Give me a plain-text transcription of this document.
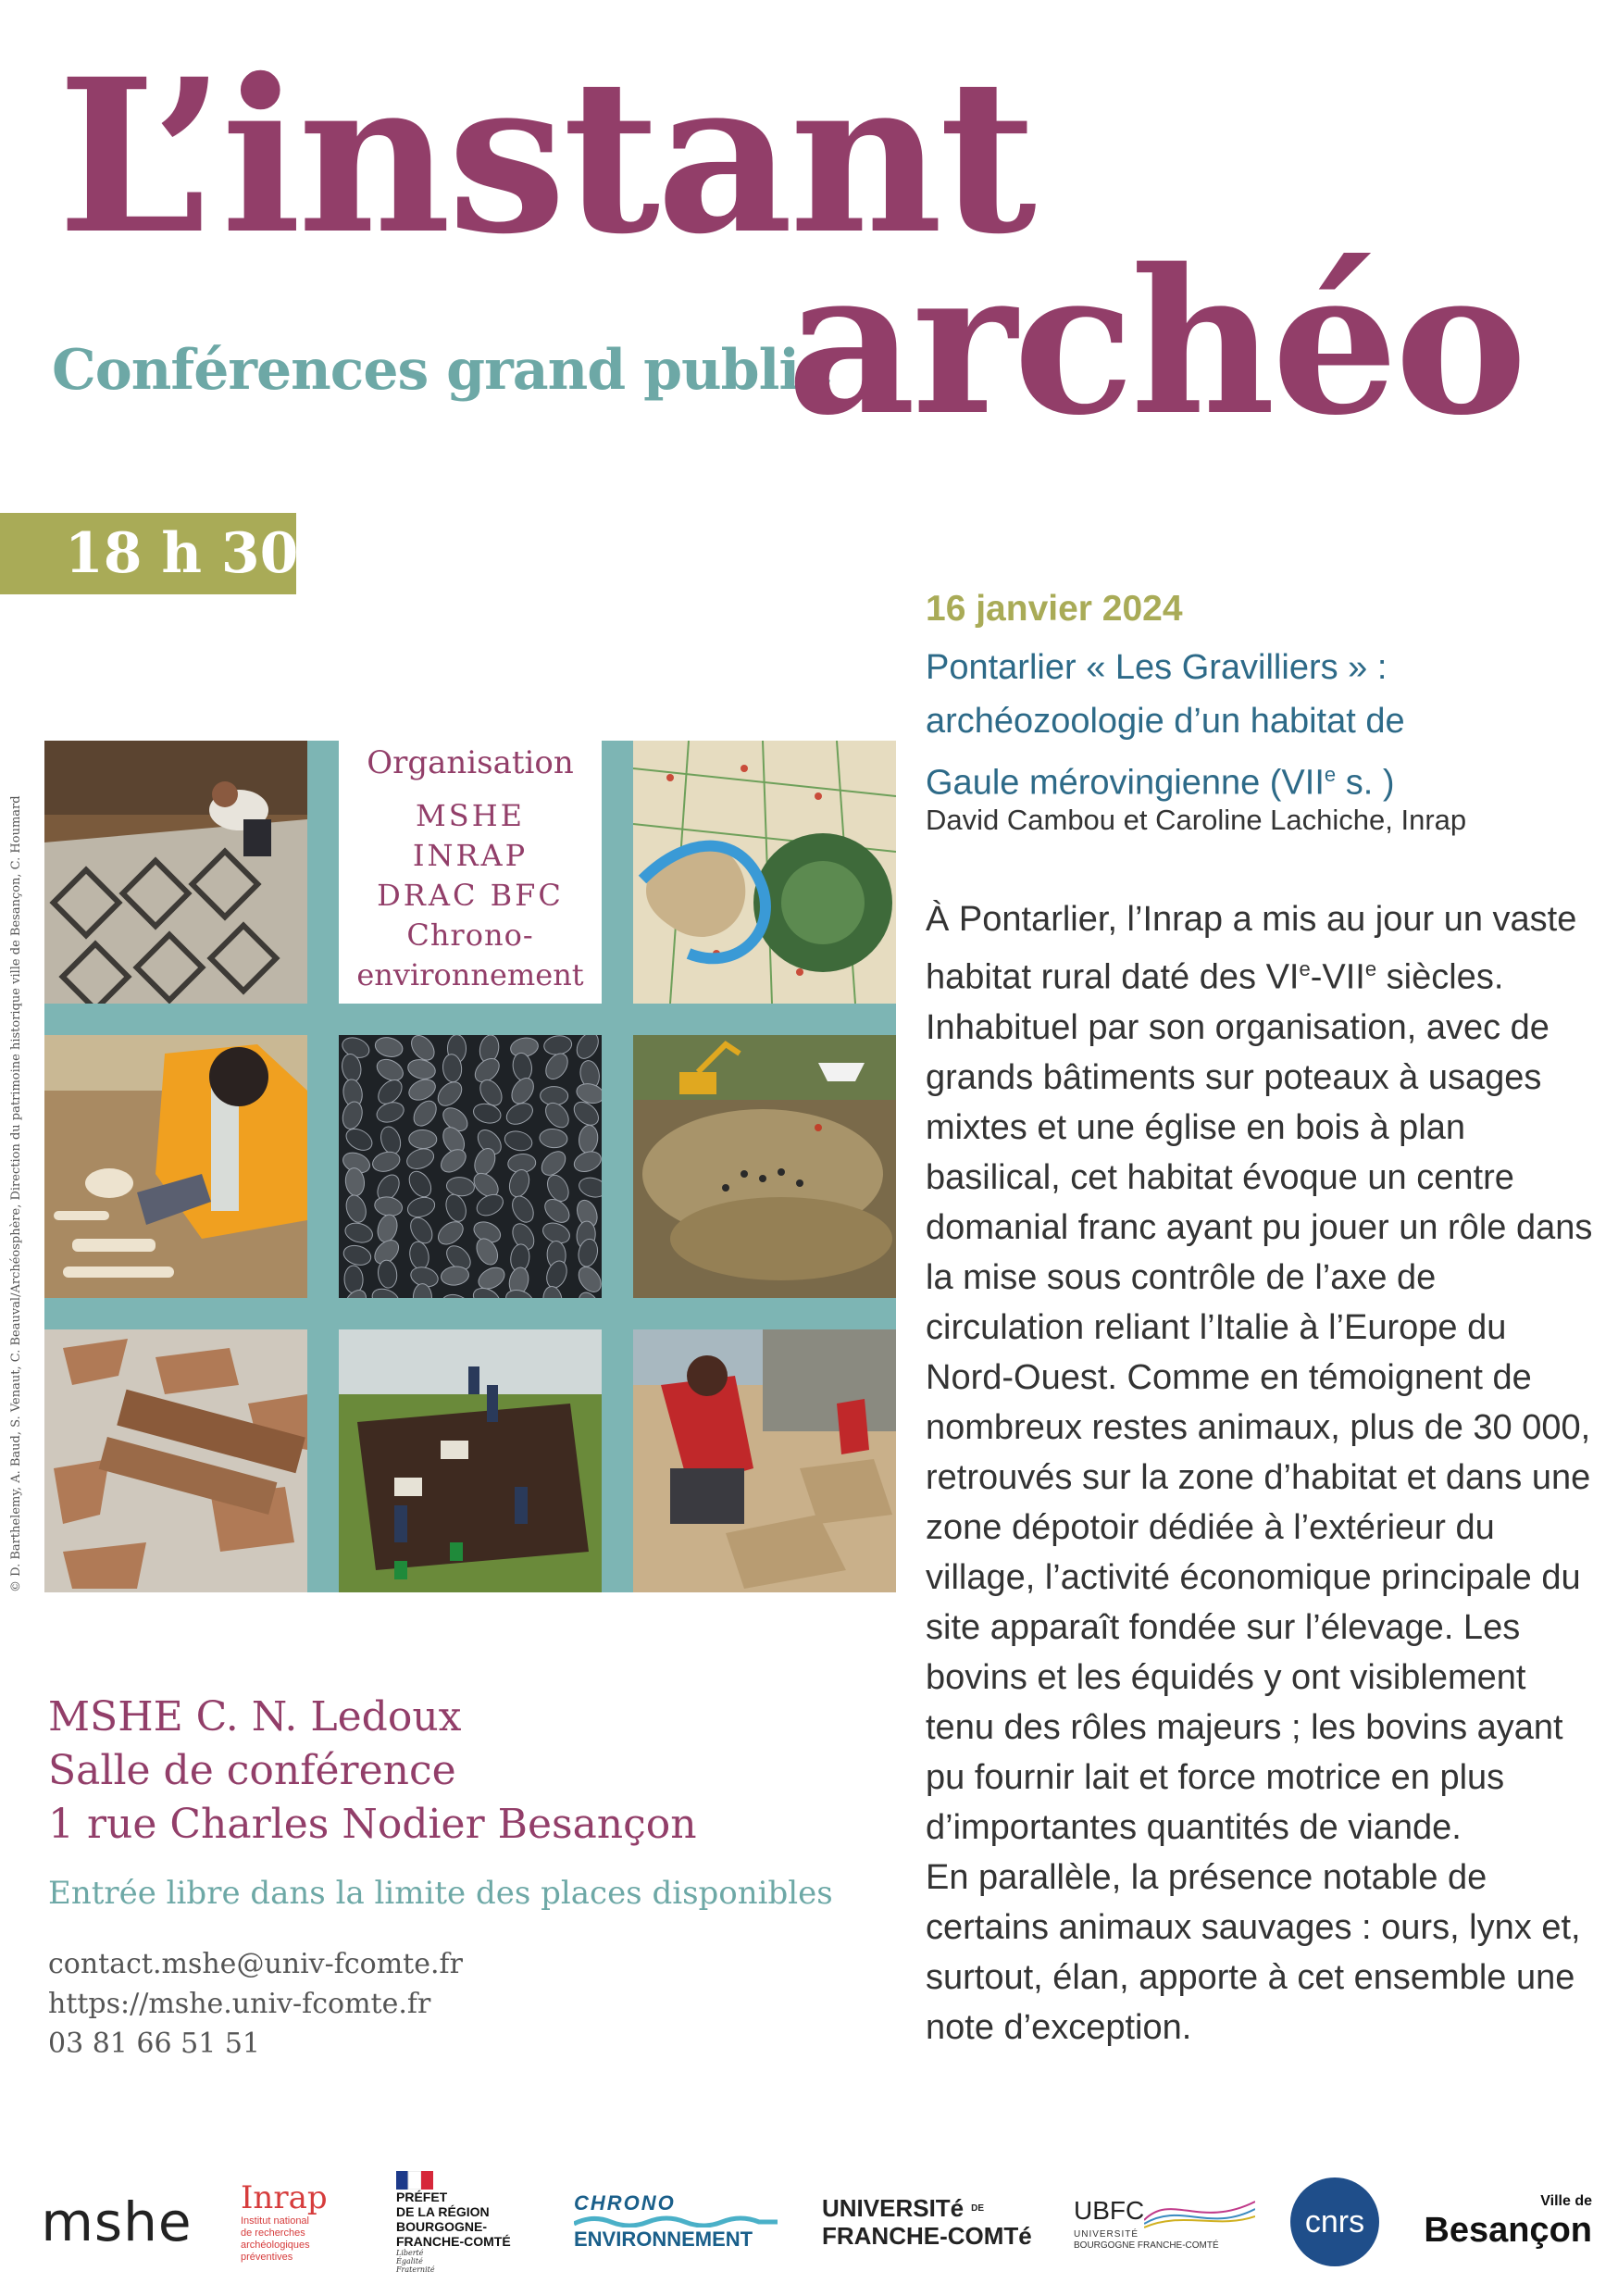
L’instant
Conférences grand public
archéo
18 h 30
© D. Barthelemy, A. Baud, S. Venaut, C. Beauval/Archéosphère, Direction du patrimoine historique ville de Besançon, C. Houmard
Organisation
MSHE
INRAP
DRAC BFC
Chrono-
environnement
16 janvier 2024
Pontarlier « Les Gravilliers » :
archéozoologie d’un habitat de
Gaule mérovingienne (VIIe s. )
David Cambou et Caroline Lachiche, Inrap

À Pontarlier, l’Inrap a mis au jour un vaste habitat rural daté des VIe-VIIe siècles. Inhabituel par son organisation, avec de grands bâtiments sur poteaux à usages mixtes et une église en bois à plan basilical, cet habitat évoque un centre domanial franc ayant pu jouer un rôle dans la mise sous contrôle de l’axe de circulation reliant l’Italie à l’Europe du Nord-Ouest. Comme en témoignent de nombreux restes animaux, plus de 30 000, retrouvés sur la zone d’habitat et dans une zone dépotoir dédiée à l’extérieur du village, l’activité économique principale du site apparaît fondée sur l’élevage. Les bovins et les équidés y ont visiblement tenu des rôles majeurs ; les bovins ayant pu fournir lait et force motrice en plus d’importantes quantités de viande.

En parallèle, la présence notable de certains animaux sauvages : ours, lynx et, surtout, élan, apporte à cet ensemble une note d’exception.

MSHE C. N. Ledoux
Salle de conférence
1 rue Charles Nodier Besançon
Entrée libre dans la limite des places disponibles
contact.mshe@univ-fcomte.fr
https://mshe.univ-fcomte.fr
03 81 66 51 51
mshe Inrap
Institut national
de recherches
archéologiques
préventives
PRÉFET
DE LA RÉGION
BOURGOGNE-
FRANCHE-COMTÉ
Liberté
Égalité
Fraternité
CHRONO
ENVIRONNEMENT
UNIVERSITé DE
FRANCHE-COMTé
UBFC
UNIVERSITÉ
BOURGOGNE FRANCHE-COMTÉ
cnrs
Ville de
Besançon
